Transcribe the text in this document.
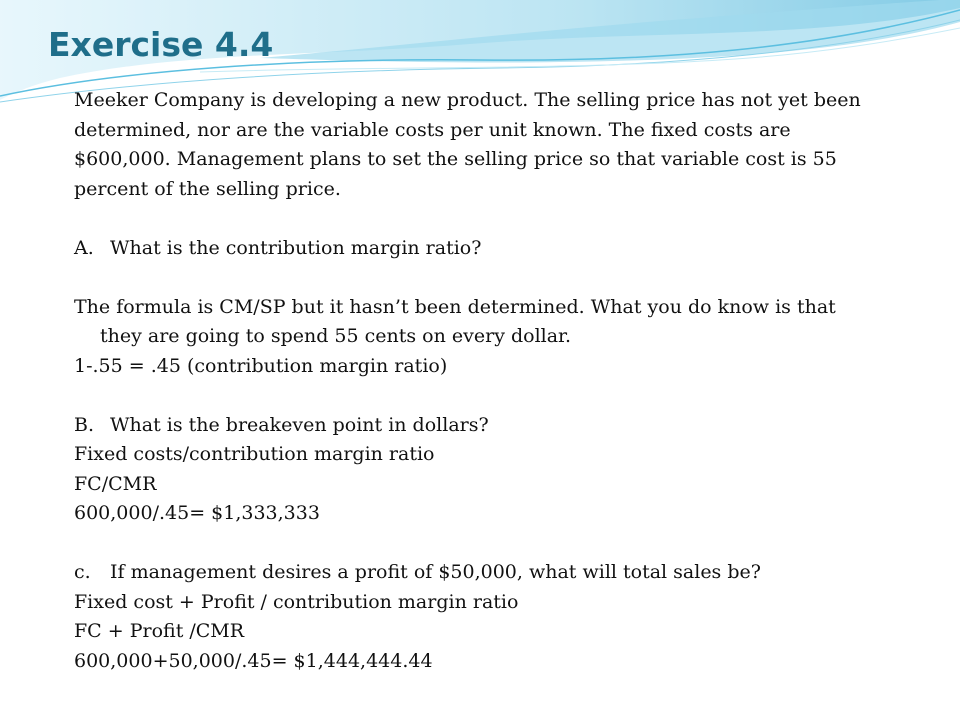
Exercise 4.4
Meeker Company is developing a new product. The selling price has not yet been
determined, nor are the variable costs per unit known. The fixed costs are
$600,000. Management plans to set the selling price so that variable cost is 55
percent of the selling price.
A. What is the contribution margin ratio?
The formula is CM/SP but it hasn’t been determined. What you do know is that
they are going to spend 55 cents on every dollar.
1-.55 = .45 (contribution margin ratio)
B. What is the breakeven point in dollars?
Fixed costs/contribution margin ratio
FC/CMR
600,000/.45= $1,333,333
c. If management desires a profit of $50,000, what will total sales be?
Fixed cost + Profit / contribution margin ratio
FC + Profit /CMR
600,000+50,000/.45= $1,444,444.44
